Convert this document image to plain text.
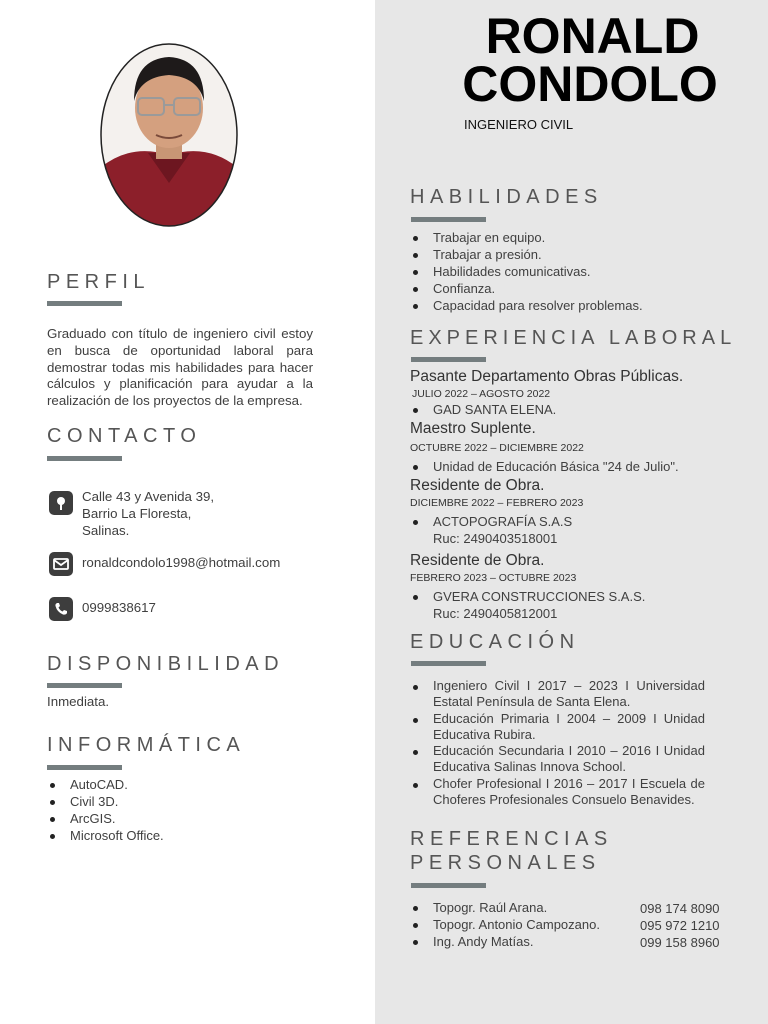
RONALD
CONDOLO
INGENIERO CIVIL
PERFIL
Graduado con título de ingeniero civil estoy en busca de oportunidad laboral para demostrar todas mis habilidades para hacer cálculos y planificación para ayudar a la realización de los proyectos de la empresa.
CONTACTO
Calle 43 y Avenida 39,
Barrio La Floresta,
Salinas.
ronaldcondolo1998@hotmail.com
0999838617
DISPONIBILIDAD
Inmediata.
INFORMÁTICA
AutoCAD.
Civil 3D.
ArcGIS.
Microsoft Office.
HABILIDADES
Trabajar en equipo.
Trabajar a presión.
Habilidades comunicativas.
Confianza.
Capacidad para resolver problemas.
EXPERIENCIA LABORAL
Pasante Departamento Obras Públicas.
JULIO 2022 – AGOSTO 2022
GAD SANTA ELENA.
Maestro Suplente.
OCTUBRE 2022 – DICIEMBRE 2022
Unidad de Educación Básica "24 de Julio".
Residente de Obra.
DICIEMBRE 2022 – FEBRERO 2023
ACTOPOGRAFÍA S.A.S
Ruc: 2490403518001
Residente de Obra.
FEBRERO 2023 – OCTUBRE 2023
GVERA CONSTRUCCIONES S.A.S.
Ruc: 2490405812001
EDUCACIÓN
Ingeniero Civil I 2017 – 2023 I Universidad Estatal Península de Santa Elena.
Educación Primaria I 2004 – 2009 I Unidad Educativa Rubira.
Educación Secundaria I 2010 – 2016 I Unidad Educativa Salinas Innova School.
Chofer Profesional I 2016 – 2017 I Escuela de Choferes Profesionales Consuelo Benavides.
REFERENCIAS
PERSONALES
Topogr. Raúl Arana.	098 174 8090
Topogr. Antonio Campozano.	095 972 1210
Ing. Andy Matías.	099 158 8960
